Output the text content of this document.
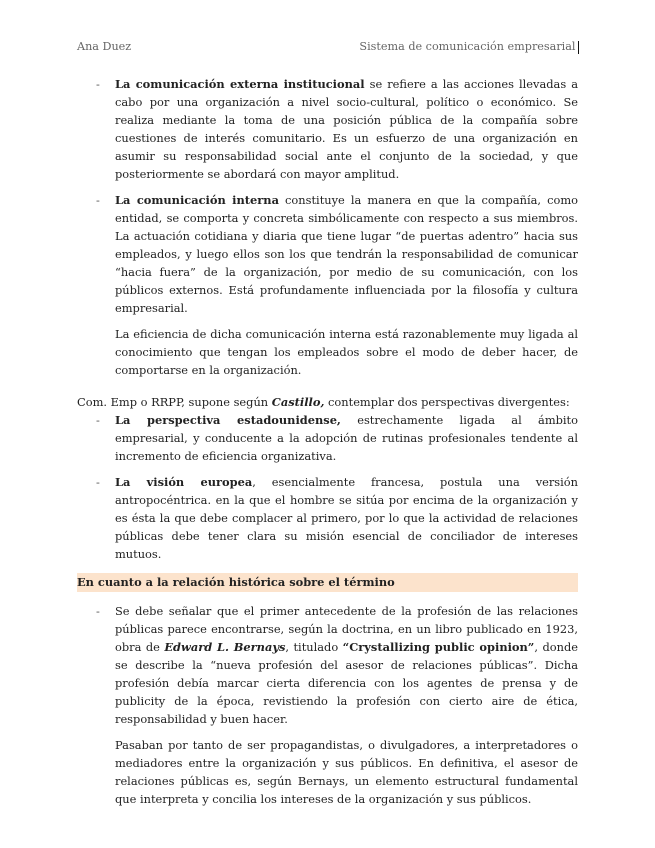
Ana Duez	Sistema de comunicación empresarial
- La comunicación externa institucional se refiere a las acciones llevadas a cabo por una organización a nivel socio-cultural, político o económico. Se realiza mediante la toma de una posición pública de la compañía sobre cuestiones de interés comunitario. Es un esfuerzo de una organización en asumir su responsabilidad social ante el conjunto de la sociedad, y que posteriormente se abordará con mayor amplitud.

- La comunicación interna constituye la manera en que la compañía, como entidad, se comporta y concreta simbólicamente con respecto a sus miembros. La actuación cotidiana y diaria que tiene lugar “de puertas adentro” hacia sus empleados, y luego ellos son los que tendrán la responsabilidad de comunicar “hacia fuera” de la organización, por medio de su comunicación, con los públicos externos. Está profundamente influenciada por la filosofía y cultura empresarial.

La eficiencia de dicha comunicación interna está razonablemente muy ligada al conocimiento que tengan los empleados sobre el modo de deber hacer, de comportarse en la organización.

Com. Emp o RRPP, supone según Castillo, contemplar dos perspectivas divergentes:

- La perspectiva estadounidense, estrechamente ligada al ámbito empresarial, y conducente a la adopción de rutinas profesionales tendente al incremento de eficiencia organizativa.

- La visión europea, esencialmente francesa, postula una versión antropocéntrica. en la que el hombre se sitúa por encima de la organización y es ésta la que debe complacer al primero, por lo que la actividad de relaciones públicas debe tener clara su misión esencial de conciliador de intereses mutuos.

En cuanto a la relación histórica sobre el término
- Se debe señalar que el primer antecedente de la profesión de las relaciones públicas parece encontrarse, según la doctrina, en un libro publicado en 1923, obra de Edward L. Bernays, titulado “Crystallizing public opinion”, donde se describe la “nueva profesión del asesor de relaciones públicas”. Dicha profesión debía marcar cierta diferencia con los agentes de prensa y de publicity de la época, revistiendo la profesión con cierto aire de ética, responsabilidad y buen hacer.

Pasaban por tanto de ser propagandistas, o divulgadores, a interpretadores o mediadores entre la organización y sus públicos. En definitiva, el asesor de relaciones públicas es, según Bernays, un elemento estructural fundamental que interpreta y concilia los intereses de la organización y sus públicos.
